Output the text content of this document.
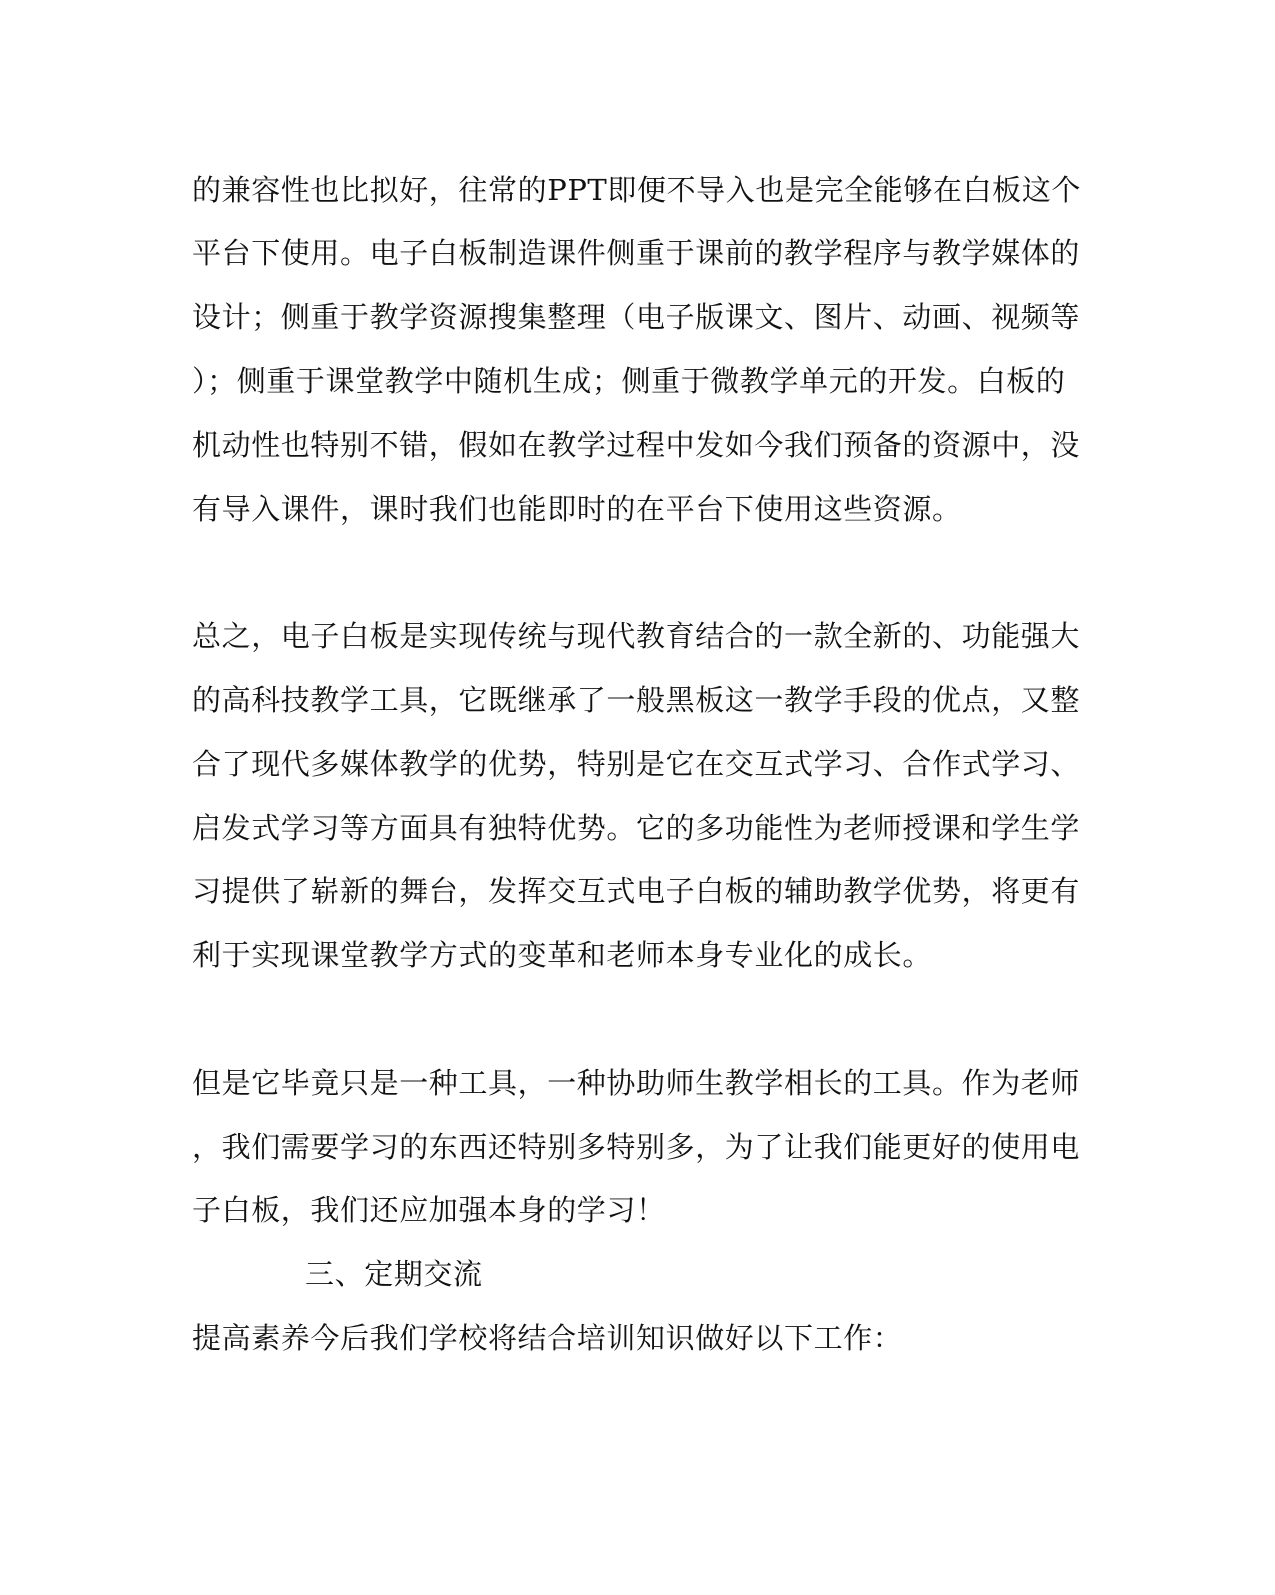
的兼容性也比拟好，往常的PPT即便不导入也是完全能够在白板这个
平台下使用。电子白板制造课件侧重于课前的教学程序与教学媒体的
设计；侧重于教学资源搜集整理（电子版课文、图片、动画、视频等
）；侧重于课堂教学中随机生成；侧重于微教学单元的开发。白板的
机动性也特别不错，假如在教学过程中发如今我们预备的资源中，没
有导入课件，课时我们也能即时的在平台下使用这些资源。
总之，电子白板是实现传统与现代教育结合的一款全新的、功能强大
的高科技教学工具，它既继承了一般黑板这一教学手段的优点，又整
合了现代多媒体教学的优势，特别是它在交互式学习、合作式学习、
启发式学习等方面具有独特优势。它的多功能性为老师授课和学生学
习提供了崭新的舞台，发挥交互式电子白板的辅助教学优势，将更有
利于实现课堂教学方式的变革和老师本身专业化的成长。
但是它毕竟只是一种工具，一种协助师生教学相长的工具。作为老师
，我们需要学习的东西还特别多特别多，为了让我们能更好的使用电
子白板，我们还应加强本身的学习！
三、定期交流
提高素养今后我们学校将结合培训知识做好以下工作：
